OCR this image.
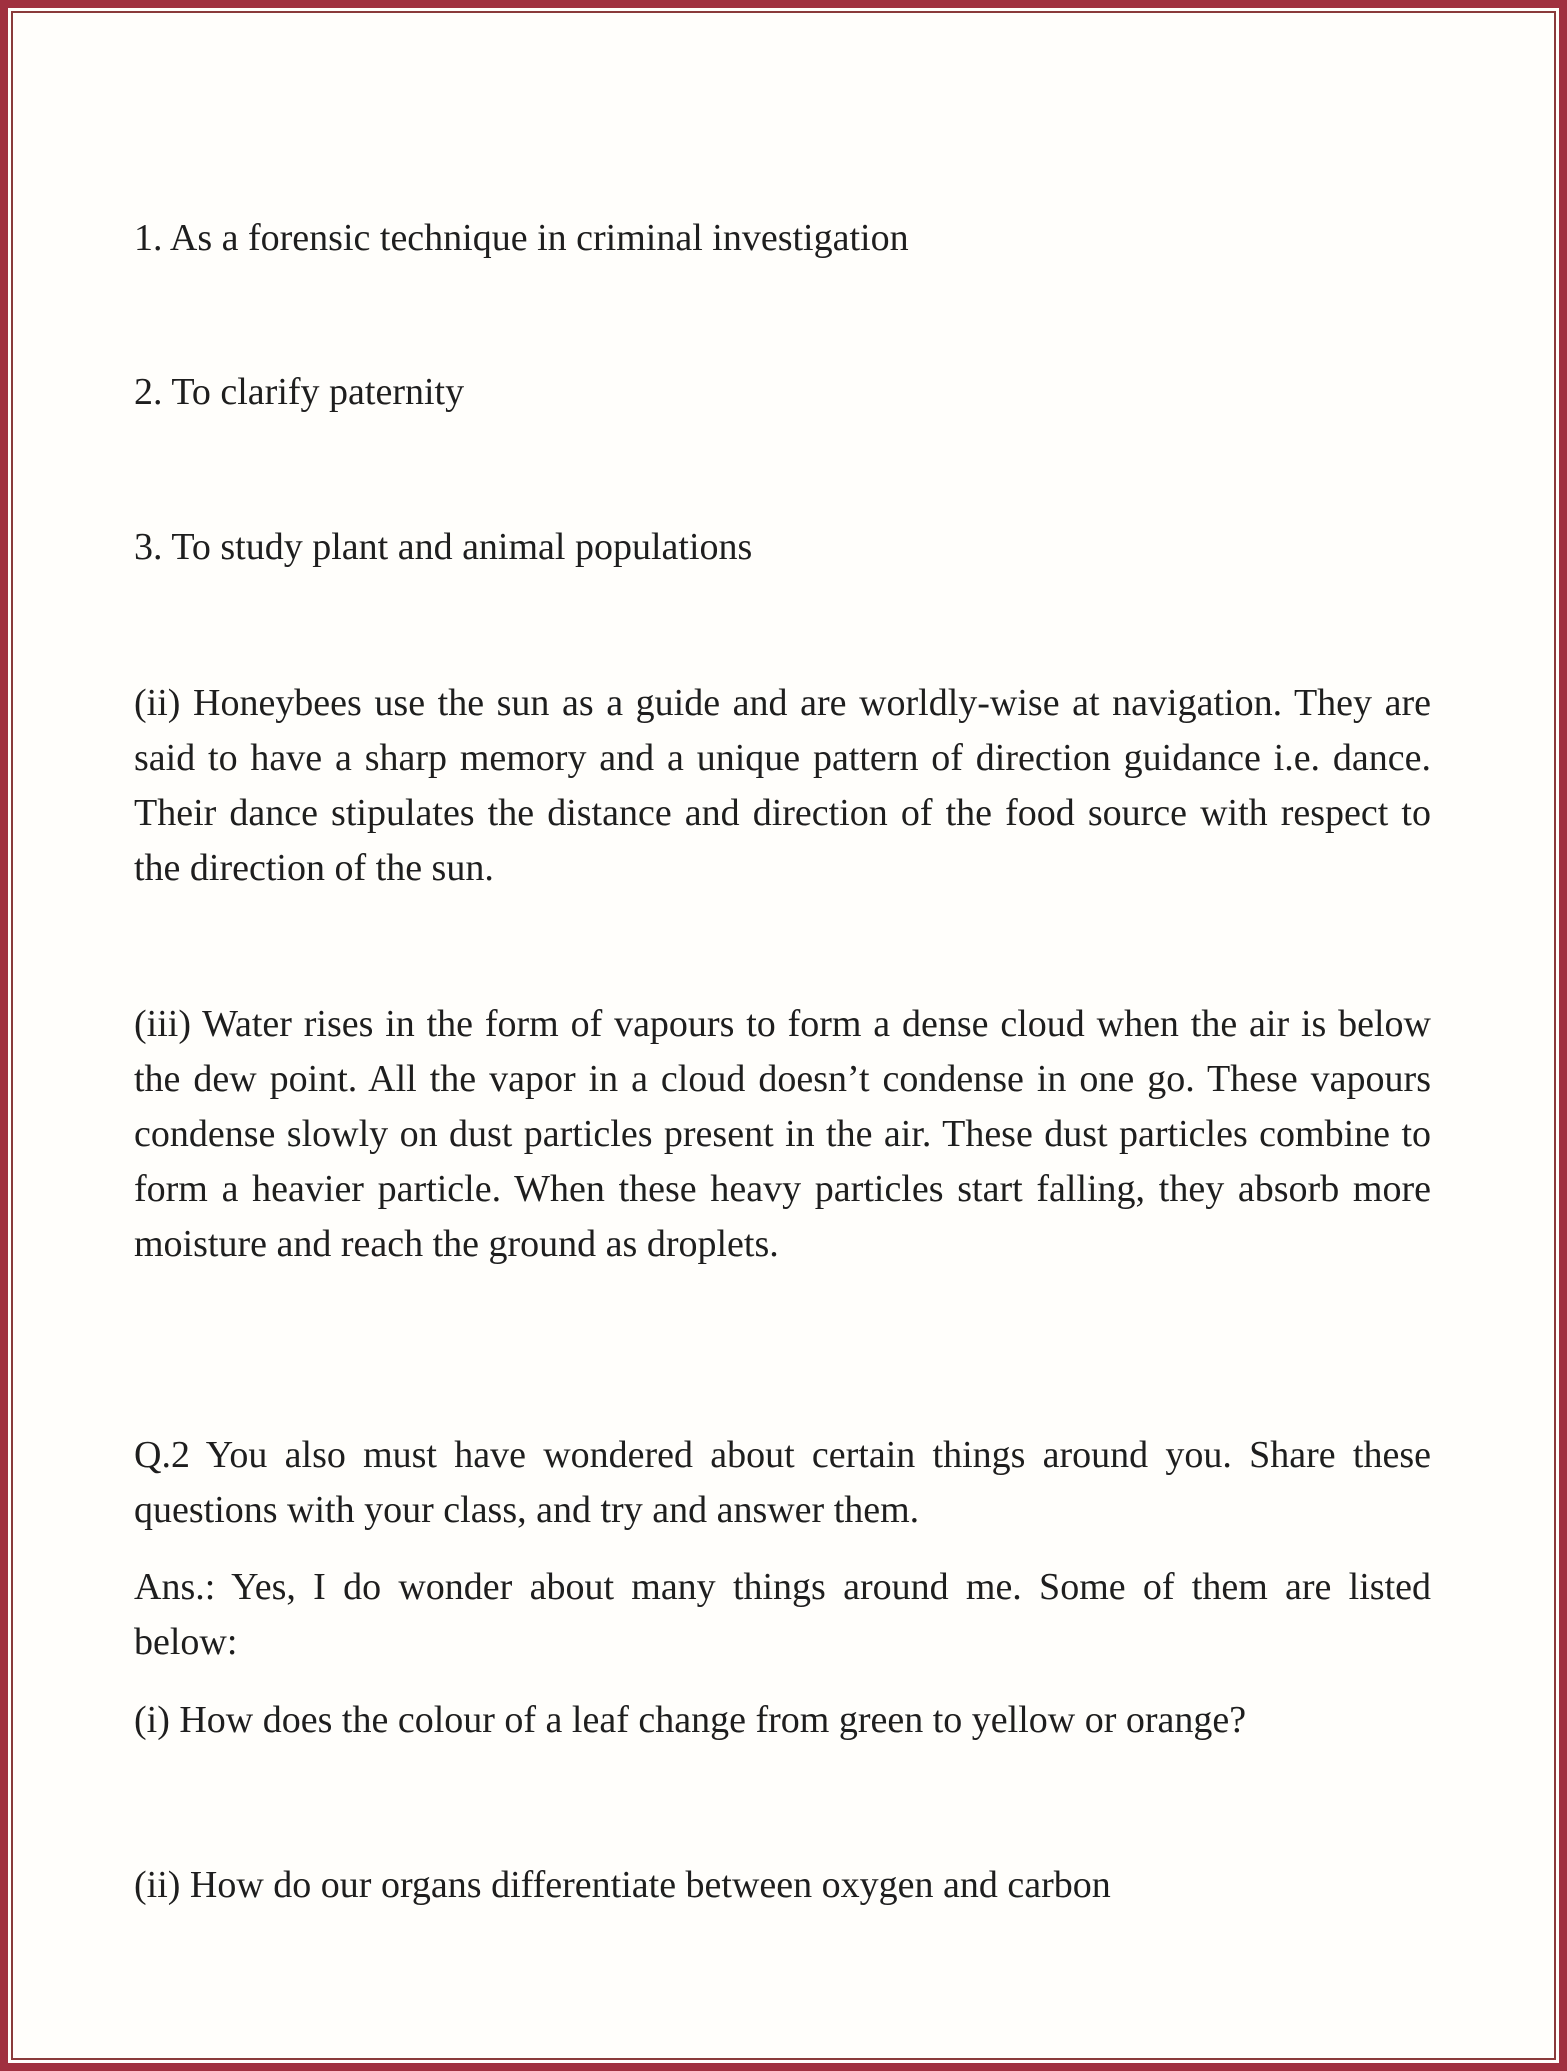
1. As a forensic technique in criminal investigation
2. To clarify paternity
3. To study plant and animal populations
(ii) Honeybees use the sun as a guide and are worldly-wise at navigation. They are said to have a sharp memory and a unique pattern of direction guidance i.e. dance. Their dance stipulates the distance and direction of the food source with respect to the direction of the sun.
(iii) Water rises in the form of vapours to form a dense cloud when the air is below the dew point. All the vapor in a cloud doesn’t condense in one go. These vapours condense slowly on dust particles present in the air. These dust particles combine to form a heavier particle. When these heavy particles start falling, they absorb more moisture and reach the ground as droplets.
Q.2 You also must have wondered about certain things around you. Share these questions with your class, and try and answer them.
Ans.: Yes, I do wonder about many things around me. Some of them are listed below:
(i) How does the colour of a leaf change from green to yellow or orange?
(ii) How do our organs differentiate between oxygen and carbon
